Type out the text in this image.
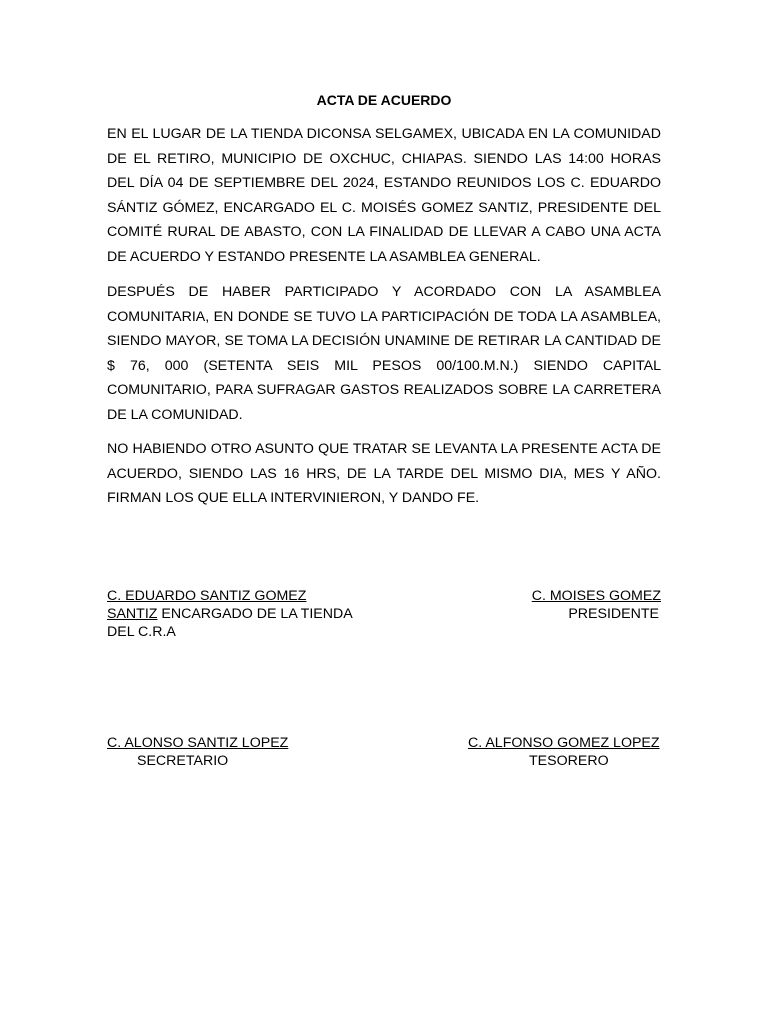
ACTA DE ACUERDO

EN EL LUGAR DE LA TIENDA DICONSA SELGAMEX, UBICADA EN LA COMUNIDAD DE EL RETIRO, MUNICIPIO DE OXCHUC, CHIAPAS. SIENDO LAS 14:00 HORAS DEL DÍA 04 DE SEPTIEMBRE DEL 2024, ESTANDO REUNIDOS LOS C. EDUARDO SÁNTIZ GÓMEZ, ENCARGADO EL C. MOISÉS GOMEZ SANTIZ, PRESIDENTE DEL COMITÉ RURAL DE ABASTO, CON LA FINALIDAD DE LLEVAR A CABO UNA ACTA DE ACUERDO Y ESTANDO PRESENTE LA ASAMBLEA GENERAL.

DESPUÉS DE HABER PARTICIPADO Y ACORDADO CON LA ASAMBLEA COMUNITARIA, EN DONDE SE TUVO LA PARTICIPACIÓN DE TODA LA ASAMBLEA, SIENDO MAYOR, SE TOMA LA DECISIÓN UNAMINE DE RETIRAR LA CANTIDAD DE $ 76, 000 (SETENTA SEIS MIL PESOS 00/100.M.N.) SIENDO CAPITAL COMUNITARIO, PARA SUFRAGAR GASTOS REALIZADOS SOBRE LA CARRETERA DE LA COMUNIDAD.

NO HABIENDO OTRO ASUNTO QUE TRATAR SE LEVANTA LA PRESENTE ACTA DE ACUERDO, SIENDO LAS 16 HRS, DE LA TARDE DEL MISMO DIA, MES Y AÑO. FIRMAN LOS QUE ELLA INTERVINIERON, Y DANDO FE.

C. EDUARDO SANTIZ GOMEZ
SANTIZ ENCARGADO DE LA TIENDA
DEL C.R.A
C. MOISES GOMEZ
PRESIDENTE
C. ALONSO SANTIZ LOPEZ
SECRETARIO
C. ALFONSO GOMEZ LOPEZ
TESORERO
